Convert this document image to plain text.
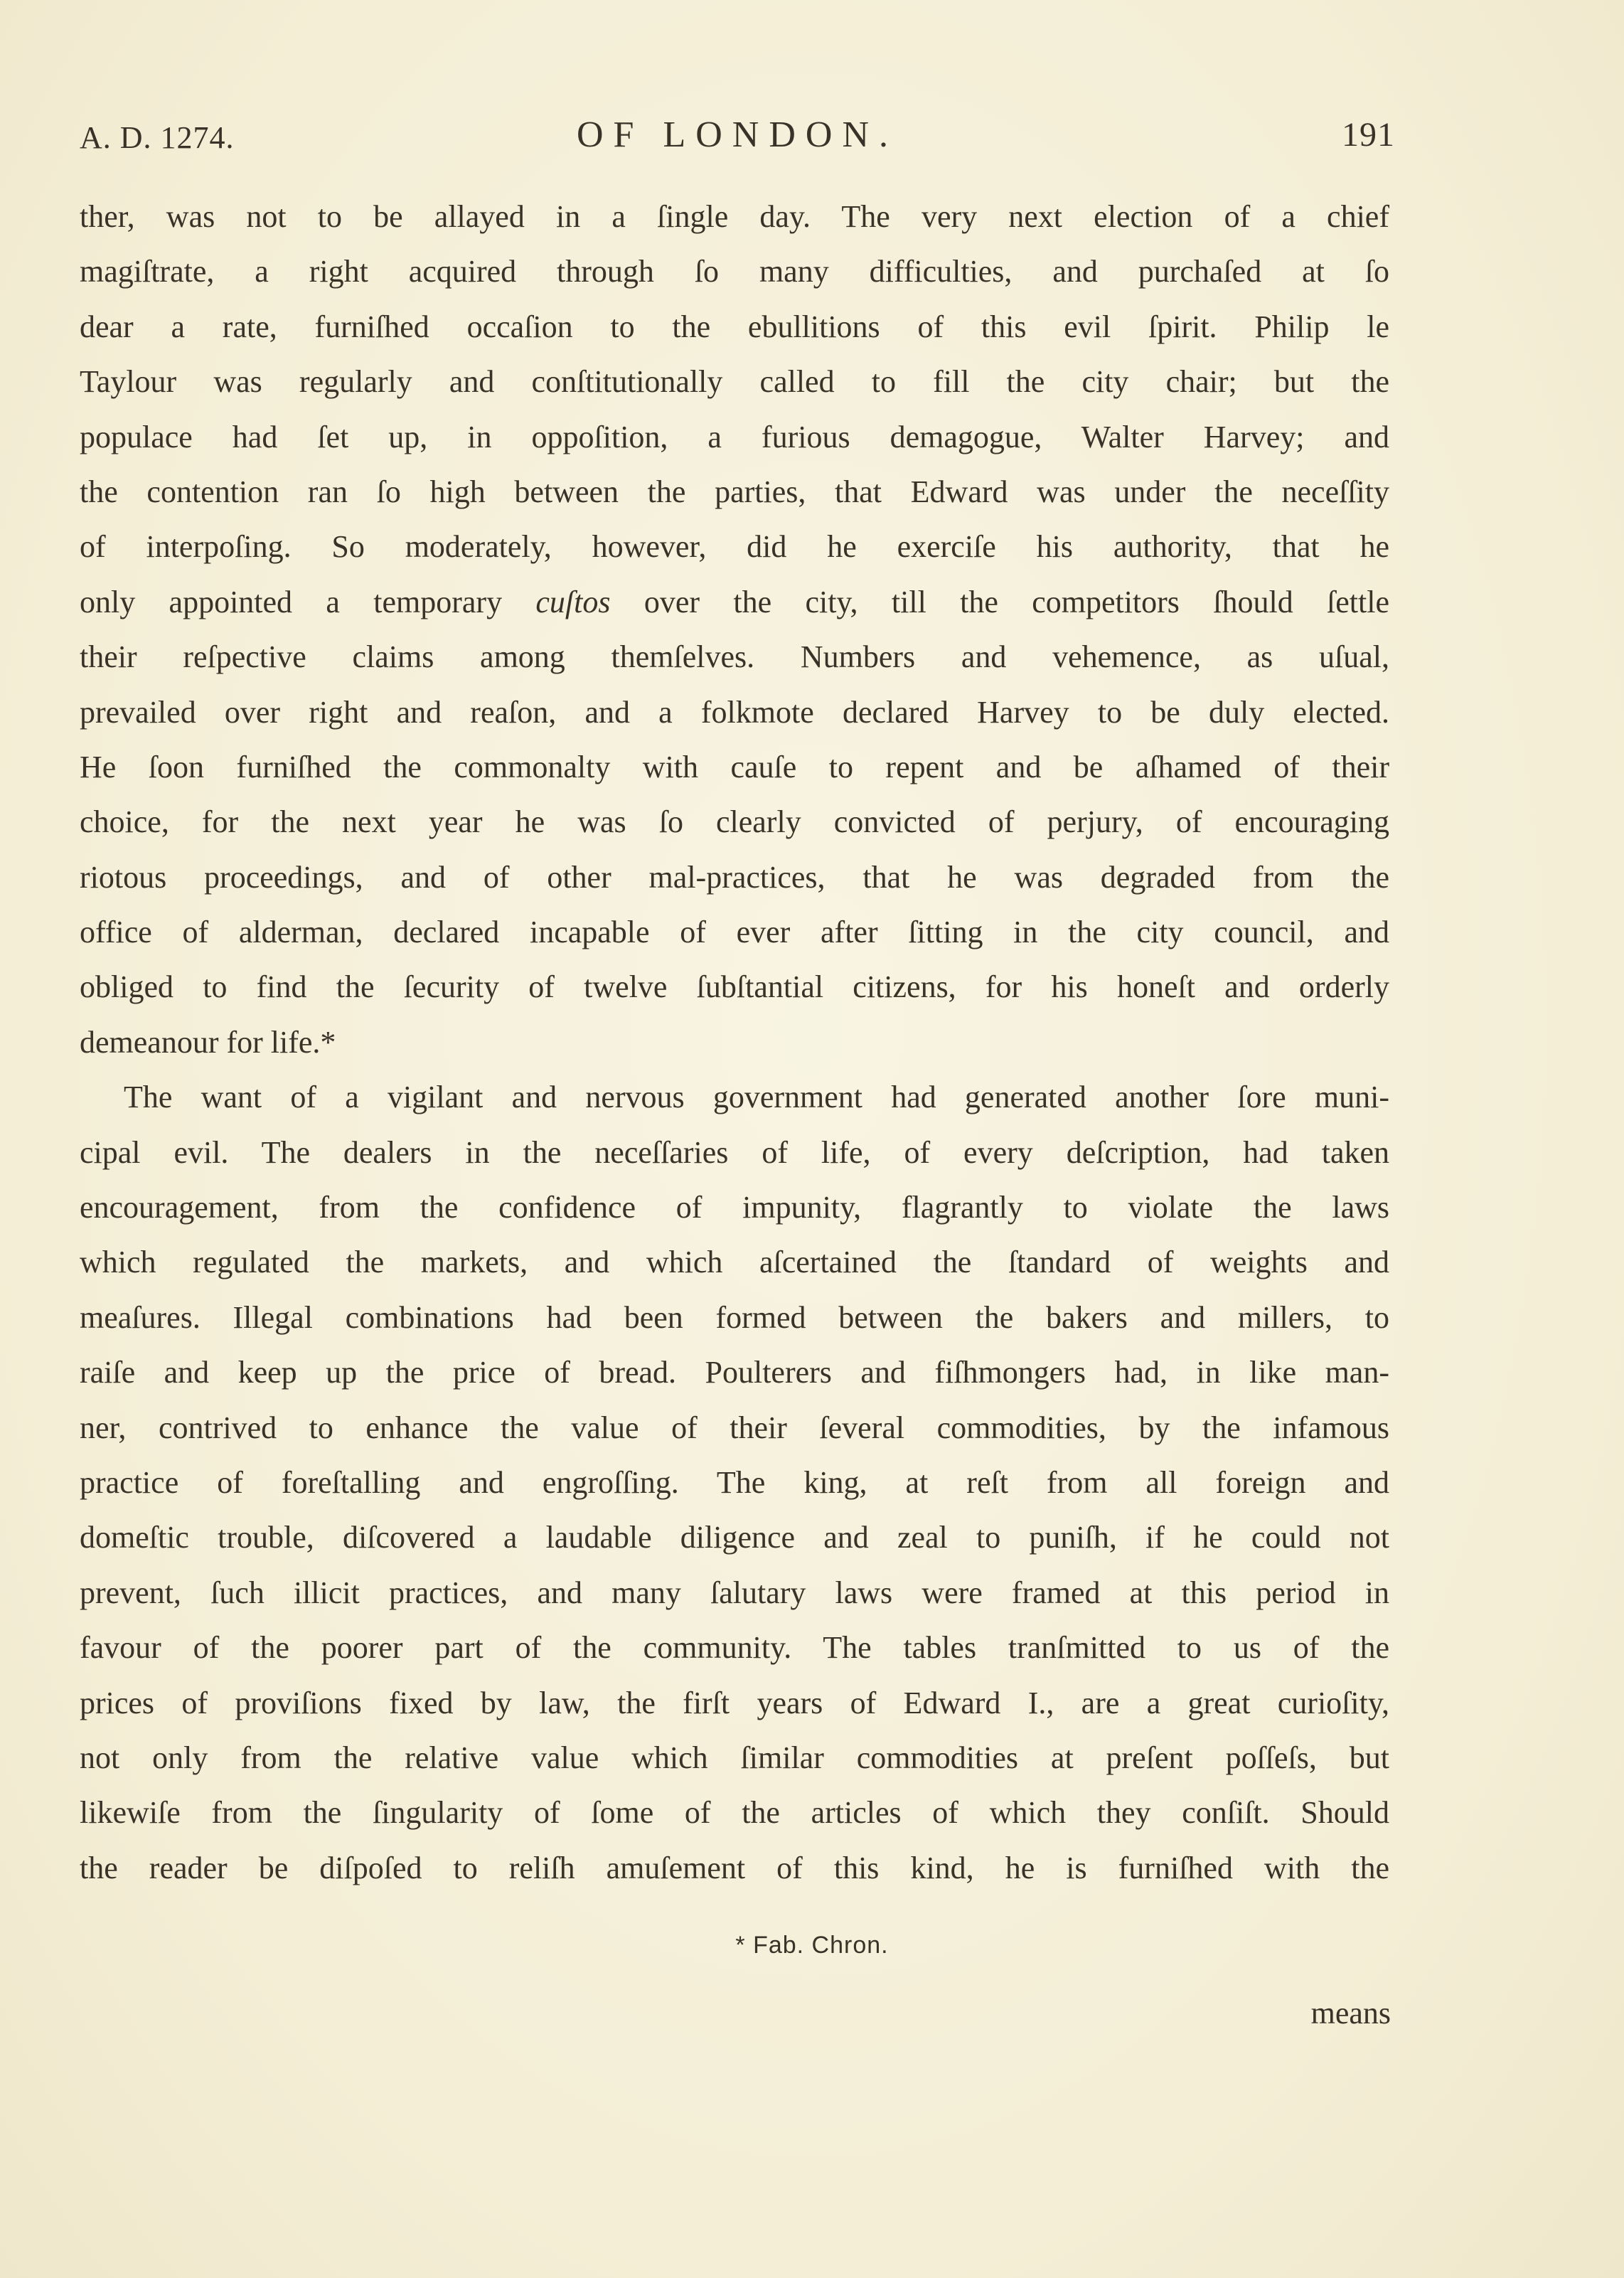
A. D. 1274.	OF LONDON.	191
ther, was not to be allayed in a ſingle day. The very next election of a chief
magiſtrate, a right acquired through ſo many difficulties, and purchaſed at ſo
dear a rate, furniſhed occaſion to the ebullitions of this evil ſpirit. Philip le
Taylour was regularly and conſtitutionally called to fill the city chair; but the
populace had ſet up, in oppoſition, a furious demagogue, Walter Harvey; and
the contention ran ſo high between the parties, that Edward was under the neceſſity
of interpoſing. So moderately, however, did he exerciſe his authority, that he
only appointed a temporary cuſtos over the city, till the competitors ſhould ſettle
their reſpective claims among themſelves. Numbers and vehemence, as uſual,
prevailed over right and reaſon, and a folkmote declared Harvey to be duly elected.
He ſoon furniſhed the commonalty with cauſe to repent and be aſhamed of their
choice, for the next year he was ſo clearly convicted of perjury, of encouraging
riotous proceedings, and of other mal-practices, that he was degraded from the
office of alderman, declared incapable of ever after ſitting in the city council, and
obliged to find the ſecurity of twelve ſubſtantial citizens, for his honeſt and orderly
demeanour for life.*
The want of a vigilant and nervous government had generated another ſore muni-
cipal evil. The dealers in the neceſſaries of life, of every deſcription, had taken
encouragement, from the confidence of impunity, flagrantly to violate the laws
which regulated the markets, and which aſcertained the ſtandard of weights and
meaſures. Illegal combinations had been formed between the bakers and millers, to
raiſe and keep up the price of bread. Poulterers and fiſhmongers had, in like man-
ner, contrived to enhance the value of their ſeveral commodities, by the infamous
practice of foreſtalling and engroſſing. The king, at reſt from all foreign and
domeſtic trouble, diſcovered a laudable diligence and zeal to puniſh, if he could not
prevent, ſuch illicit practices, and many ſalutary laws were framed at this period in
favour of the poorer part of the community. The tables tranſmitted to us of the
prices of proviſions fixed by law, the firſt years of Edward I., are a great curioſity,
not only from the relative value which ſimilar commodities at preſent poſſeſs, but
likewiſe from the ſingularity of ſome of the articles of which they conſiſt. Should
the reader be diſpoſed to reliſh amuſement of this kind, he is furniſhed with the
* Fab. Chron.
means
